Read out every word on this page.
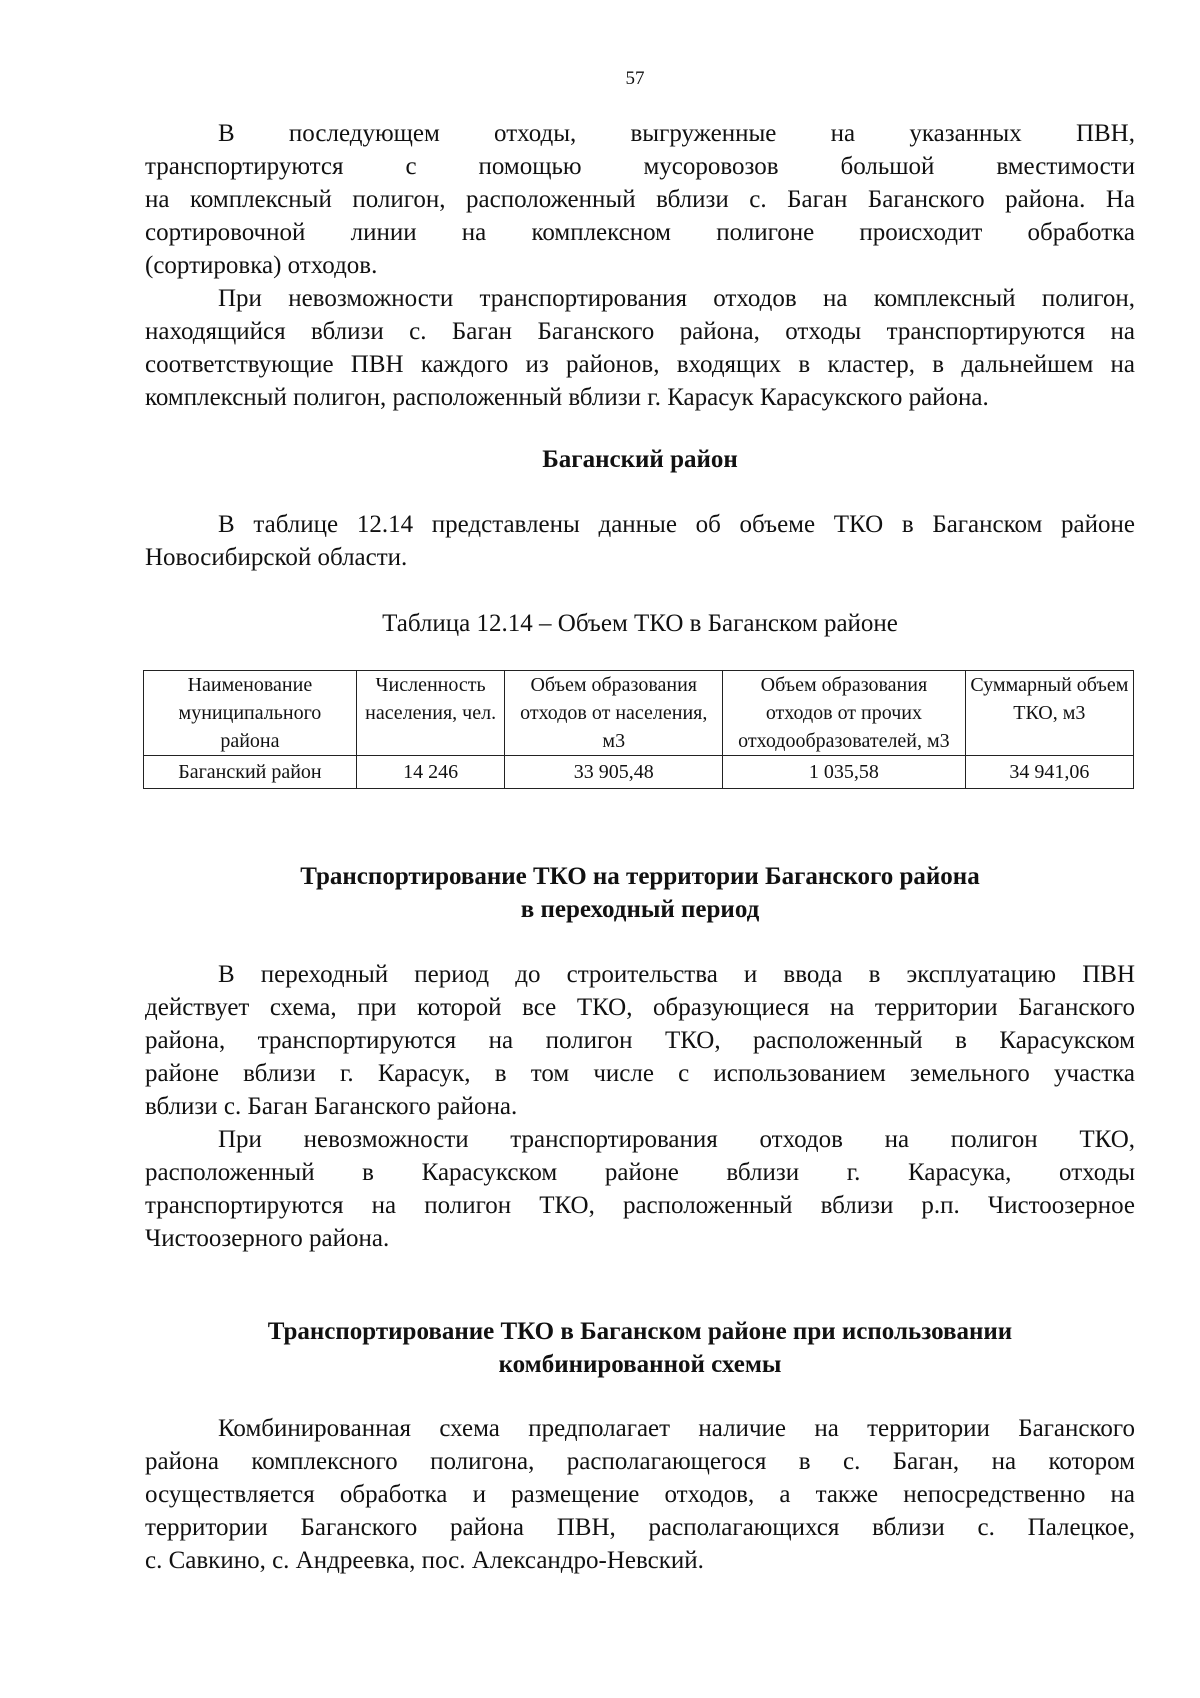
57
В последующем отходы, выгруженные на указанных ПВН,
транспортируются с помощью мусоровозов большой вместимости
на комплексный полигон, расположенный вблизи с. Баган Баганского района. На
сортировочной линии на комплексном полигоне происходит обработка
(сортировка) отходов.
При невозможности транспортирования отходов на комплексный полигон,
находящийся вблизи с. Баган Баганского района, отходы транспортируются на
соответствующие ПВН каждого из районов, входящих в кластер, в дальнейшем на
комплексный полигон, расположенный вблизи г. Карасук Карасукского района.
Баганский район
В таблице 12.14 представлены данные об объеме ТКО в Баганском районе
Новосибирской области.
Таблица 12.14 – Объем ТКО в Баганском районе
Наименование муниципального района	Численность населения, чел.	Объем образования отходов от населения, м3	Объем образования отходов от прочих отходообразователей, м3	Суммарный объем ТКО, м3
Баганский район	14 246	33 905,48	1 035,58	34 941,06
Транспортирование ТКО на территории Баганского района
в переходный период
В переходный период до строительства и ввода в эксплуатацию ПВН
действует схема, при которой все ТКО, образующиеся на территории Баганского
района, транспортируются на полигон ТКО, расположенный в Карасукском
районе вблизи г. Карасук, в том числе с использованием земельного участка
вблизи с. Баган Баганского района.
При невозможности транспортирования отходов на полигон ТКО,
расположенный в Карасукском районе вблизи г. Карасука, отходы
транспортируются на полигон ТКО, расположенный вблизи р.п. Чистоозерное
Чистоозерного района.
Транспортирование ТКО в Баганском районе при использовании
комбинированной схемы
Комбинированная схема предполагает наличие на территории Баганского
района комплексного полигона, располагающегося в с. Баган, на котором
осуществляется обработка и размещение отходов, а также непосредственно на
территории Баганского района ПВН, располагающихся вблизи с. Палецкое,
с. Савкино, с. Андреевка, пос. Александро-Невский.
